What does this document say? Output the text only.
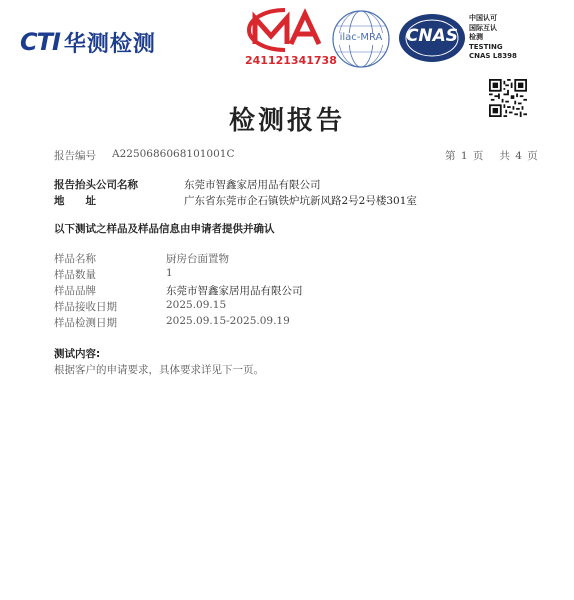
CTI 华测检测
241121341738
ilac-MRA	CNAS
中国认可
国际互认
检测
TESTING
CNAS L8398
检测报告
报告编号 A2250686068101001C	第 1 页 共 4 页
报告抬头公司名称	东莞市智鑫家居用品有限公司
地　　址	广东省东莞市企石镇铁炉坑新风路2号2号楼301室
以下测试之样品及样品信息由申请者提供并确认
样品名称	厨房台面置物
样品数量	1
样品品牌	东莞市智鑫家居用品有限公司
样品接收日期	2025.09.15
样品检测日期	2025.09.15-2025.09.19
测试内容:
根据客户的申请要求，具体要求详见下一页。
